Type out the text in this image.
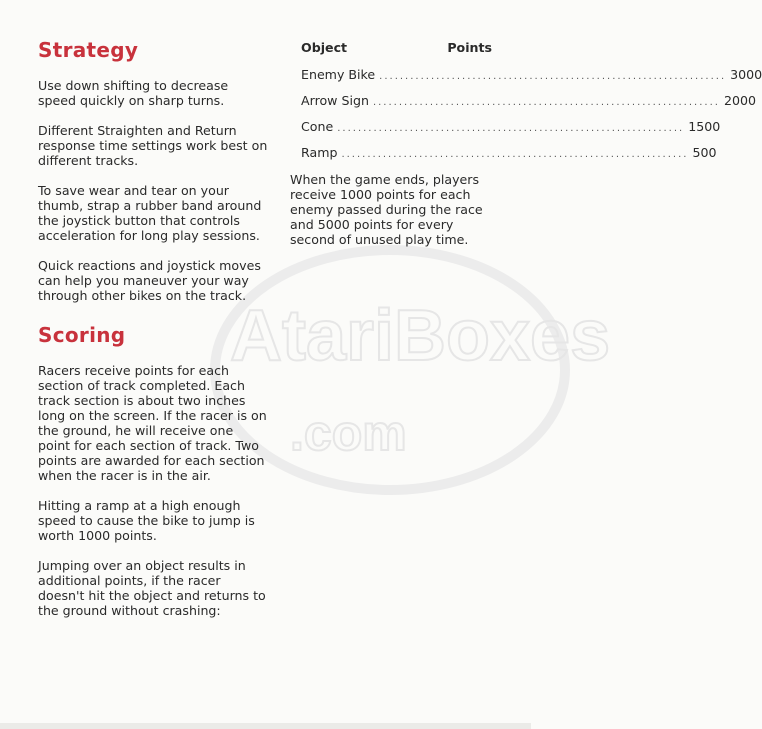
AtariBoxes
.com
Strategy

Use down shifting to decrease speed quickly on sharp turns.

Different Straighten and Return response time settings work best on different tracks.

To save wear and tear on your thumb, strap a rubber band around the joystick button that controls acceleration for long play sessions.

Quick reactions and joystick moves can help you maneuver your way through other bikes on the track.

Scoring

Racers receive points for each section of track completed. Each track section is about two inches long on the screen. If the racer is on the ground, he will receive one point for each section of track. Two points are awarded for each section when the racer is in the air.

Hitting a ramp at a high enough speed to cause the bike to jump is worth 1000 points.

Jumping over an object results in additional points, if the racer doesn't hit the object and returns to the ground without crashing:

Object	Points
Enemy Bike .....	3000
Arrow Sign .....	2000
Cone .....	1500
Ramp .....	500

When the game ends, players receive 1000 points for each enemy passed during the race and 5000 points for every second of unused play time.
